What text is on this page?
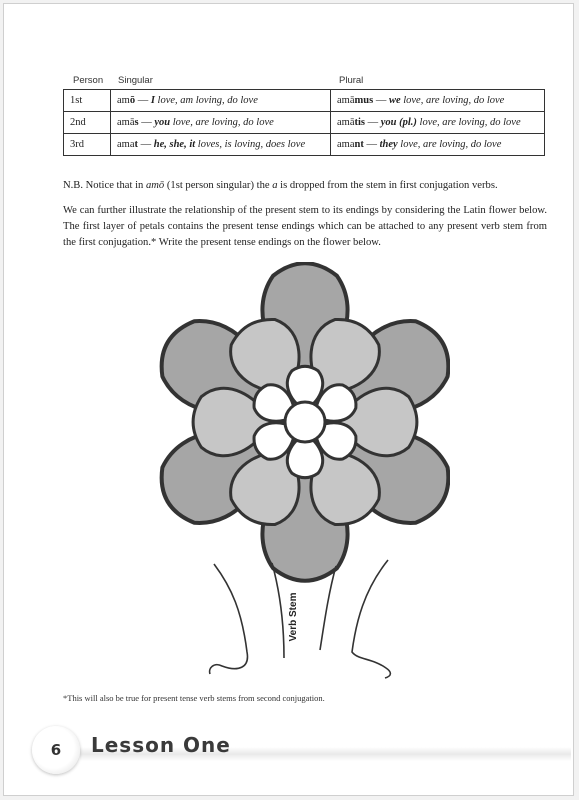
Person Singular	Plural
1st	amō — I love, am loving, do love	amāmus — we love, are loving, do love
2nd	amās — you love, are loving, do love	amātis — you (pl.) love, are loving, do love
3rd	amat — he, she, it loves, is loving, does love	amant — they love, are loving, do love

N.B. Notice that in amō (1st person singular) the a is dropped from the stem in first conjugation verbs.

We can further illustrate the relationship of the present stem to its endings by considering the Latin flower below. The first layer of petals contains the present tense endings which can be attached to any present verb stem from the first conjugation.* Write the present tense endings on the flower below.

Verb Stem
*This will also be true for present tense verb stems from second conjugation.
6	Lesson One
